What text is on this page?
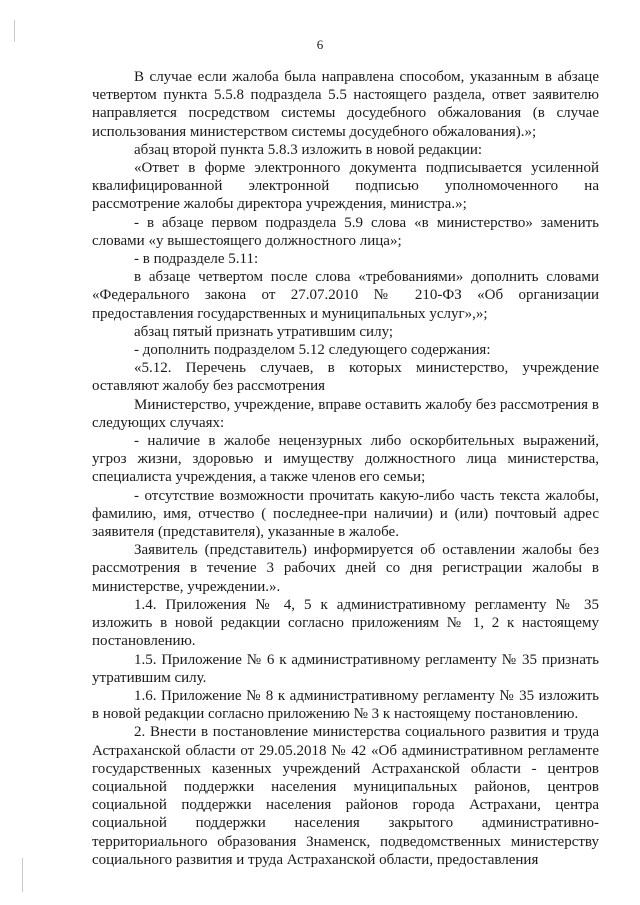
6

В случае если жалоба была направлена способом, указанным в абзаце четвертом пункта 5.5.8 подраздела 5.5 настоящего раздела, ответ заявителю направляется посредством системы досудебного обжалования (в случае использования министерством системы досудебного обжалования).»;

абзац второй пункта 5.8.3 изложить в новой редакции:

«Ответ в форме электронного документа подписывается усиленной квалифицированной электронной подписью уполномоченного на рассмотрение жалобы директора учреждения, министра.»;

- в абзаце первом подраздела 5.9 слова «в министерство» заменить словами «у вышестоящего должностного лица»;

- в подразделе 5.11:

в абзаце четвертом после слова «требованиями» дополнить словами «Федерального закона от 27.07.2010 № 210-ФЗ «Об организации предоставления государственных и муниципальных услуг»,»;

абзац пятый признать утратившим силу;

- дополнить подразделом 5.12 следующего содержания:

«5.12. Перечень случаев, в которых министерство, учреждение оставляют жалобу без рассмотрения

Министерство, учреждение, вправе оставить жалобу без рассмотрения в следующих случаях:

- наличие в жалобе нецензурных либо оскорбительных выражений, угроз жизни, здоровью и имуществу должностного лица министерства, специалиста учреждения, а также членов его семьи;

- отсутствие возможности прочитать какую-либо часть текста жалобы, фамилию, имя, отчество ( последнее-при наличии) и (или) почтовый адрес заявителя (представителя), указанные в жалобе.

Заявитель (представитель) информируется об оставлении жалобы без рассмотрения в течение 3 рабочих дней со дня регистрации жалобы в министерстве, учреждении.».

1.4. Приложения № 4, 5 к административному регламенту № 35 изложить в новой редакции согласно приложениям № 1, 2 к настоящему постановлению.

1.5. Приложение № 6 к административному регламенту № 35 признать утратившим силу.

1.6. Приложение № 8 к административному регламенту № 35 изложить в новой редакции согласно приложению № 3 к настоящему постановлению.

2. Внести в постановление министерства социального развития и труда Астраханской области от 29.05.2018 № 42 «Об административном регламенте государственных казенных учреждений Астраханской области - центров социальной поддержки населения муниципальных районов, центров социальной поддержки населения районов города Астрахани, центра социальной поддержки населения закрытого административно-территориального образования Знаменск, подведомственных министерству социального развития и труда Астраханской области, предоставления
